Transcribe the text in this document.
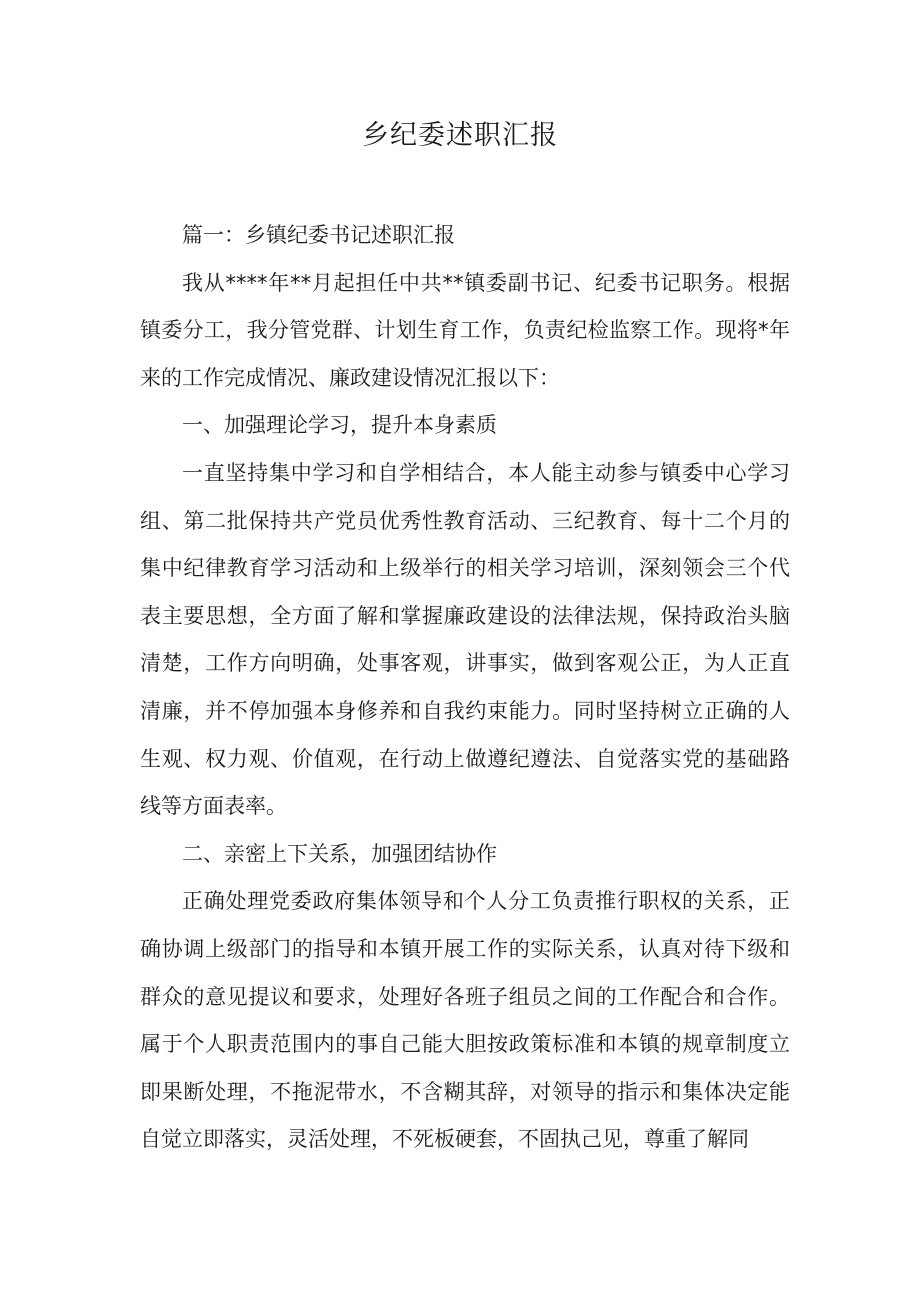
乡纪委述职汇报

篇一：乡镇纪委书记述职汇报

我从****年**月起担任中共**镇委副书记、纪委书记职务。根据镇委分工，我分管党群、计划生育工作，负责纪检监察工作。现将*年来的工作完成情况、廉政建设情况汇报以下：

一、加强理论学习，提升本身素质

一直坚持集中学习和自学相结合，本人能主动参与镇委中心学习组、第二批保持共产党员优秀性教育活动、三纪教育、每十二个月的集中纪律教育学习活动和上级举行的相关学习培训，深刻领会三个代表主要思想，全方面了解和掌握廉政建设的法律法规，保持政治头脑清楚，工作方向明确，处事客观，讲事实，做到客观公正，为人正直清廉，并不停加强本身修养和自我约束能力。同时坚持树立正确的人生观、权力观、价值观，在行动上做遵纪遵法、自觉落实党的基础路线等方面表率。

二、亲密上下关系，加强团结协作

正确处理党委政府集体领导和个人分工负责推行职权的关系，正确协调上级部门的指导和本镇开展工作的实际关系，认真对待下级和群众的意见提议和要求，处理好各班子组员之间的工作配合和合作。属于个人职责范围内的事自己能大胆按政策标准和本镇的规章制度立即果断处理，不拖泥带水，不含糊其辞，对领导的指示和集体决定能自觉立即落实，灵活处理，不死板硬套，不固执己见，尊重了解同
